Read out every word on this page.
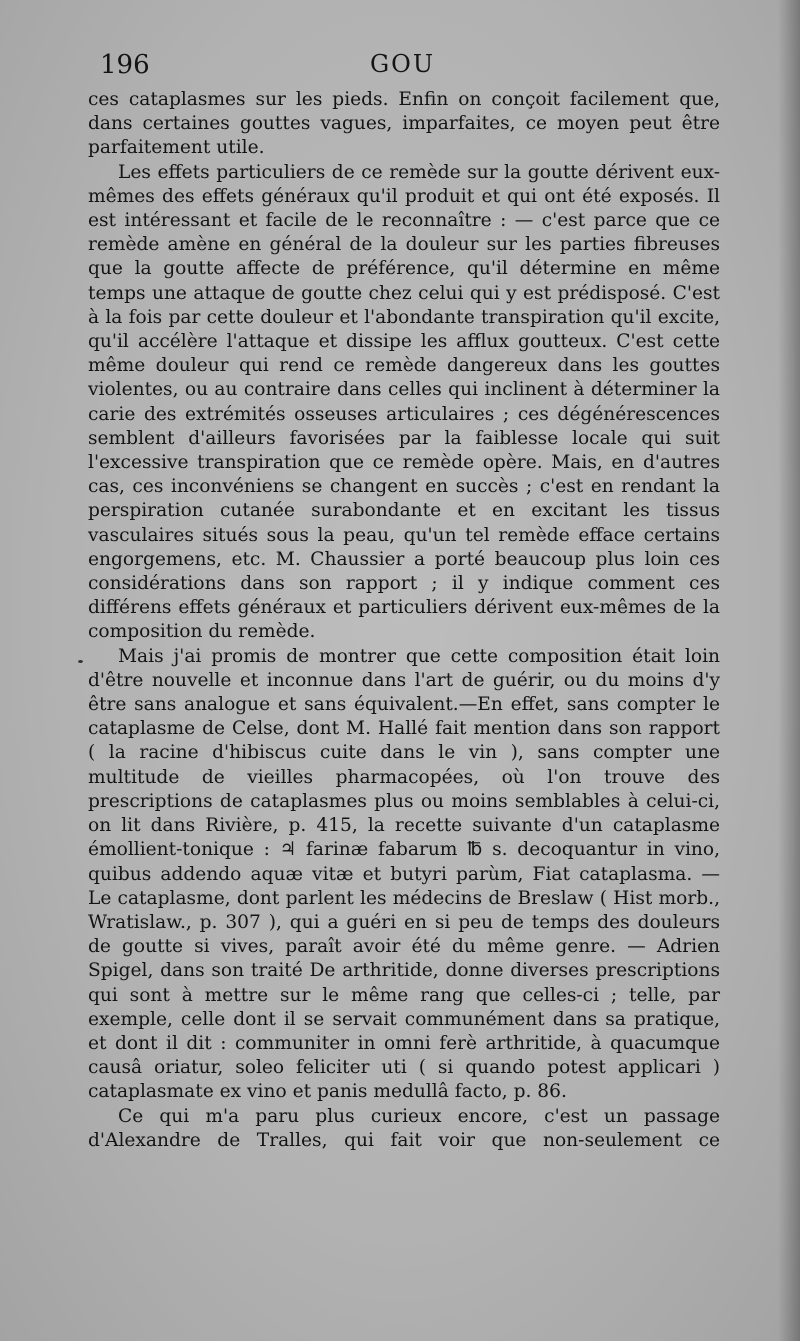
196	GOU

ces cataplasmes sur les pieds. Enfin on conçoit facilement que, dans certaines gouttes vagues, imparfaites, ce moyen peut être parfaitement utile.

Les effets particuliers de ce remède sur la goutte dérivent eux-mêmes des effets généraux qu'il produit et qui ont été exposés. Il est intéressant et facile de le reconnaître : — c'est parce que ce remède amène en général de la douleur sur les parties fibreuses que la goutte affecte de préférence, qu'il détermine en même temps une attaque de goutte chez celui qui y est prédisposé. C'est à la fois par cette douleur et l'abondante transpiration qu'il excite, qu'il accélère l'attaque et dissipe les afflux goutteux. C'est cette même douleur qui rend ce remède dangereux dans les gouttes violentes, ou au contraire dans celles qui inclinent à déterminer la carie des extrémités osseuses articulaires ; ces dégénérescences semblent d'ailleurs favorisées par la faiblesse locale qui suit l'excessive transpiration que ce remède opère. Mais, en d'autres cas, ces inconvéniens se changent en succès ; c'est en rendant la perspiration cutanée surabondante et en excitant les tissus vasculaires situés sous la peau, qu'un tel remède efface certains engorgemens, etc. M. Chaussier a porté beaucoup plus loin ces considérations dans son rapport ; il y indique comment ces différens effets généraux et particuliers dérivent eux-mêmes de la composition du remède.

Mais j'ai promis de montrer que cette composition était loin d'être nouvelle et inconnue dans l'art de guérir, ou du moins d'y être sans analogue et sans équivalent.—En effet, sans compter le cataplasme de Celse, dont M. Hallé fait mention dans son rapport ( la racine d'hibiscus cuite dans le vin ), sans compter une multitude de vieilles pharmacopées, où l'on trouve des prescriptions de cataplasmes plus ou moins semblables à celui-ci, on lit dans Rivière, p. 415, la recette suivante d'un cataplasme émollient-tonique : ♃ farinæ fabarum ℔ s. decoquantur in vino, quibus addendo aquæ vitæ et butyri parùm, Fiat cataplasma. — Le cataplasme, dont parlent les médecins de Breslaw ( Hist morb., Wratislaw., p. 307 ), qui a guéri en si peu de temps des douleurs de goutte si vives, paraît avoir été du même genre. — Adrien Spigel, dans son traité De arthritide, donne diverses prescriptions qui sont à mettre sur le même rang que celles-ci ; telle, par exemple, celle dont il se servait communément dans sa pratique, et dont il dit : communiter in omni ferè arthritide, à quacumque causâ oriatur, soleo feliciter uti ( si quando potest applicari ) cataplasmate ex vino et panis medullâ facto, p. 86.

Ce qui m'a paru plus curieux encore, c'est un passage d'Alexandre de Tralles, qui fait voir que non-seulement ce
